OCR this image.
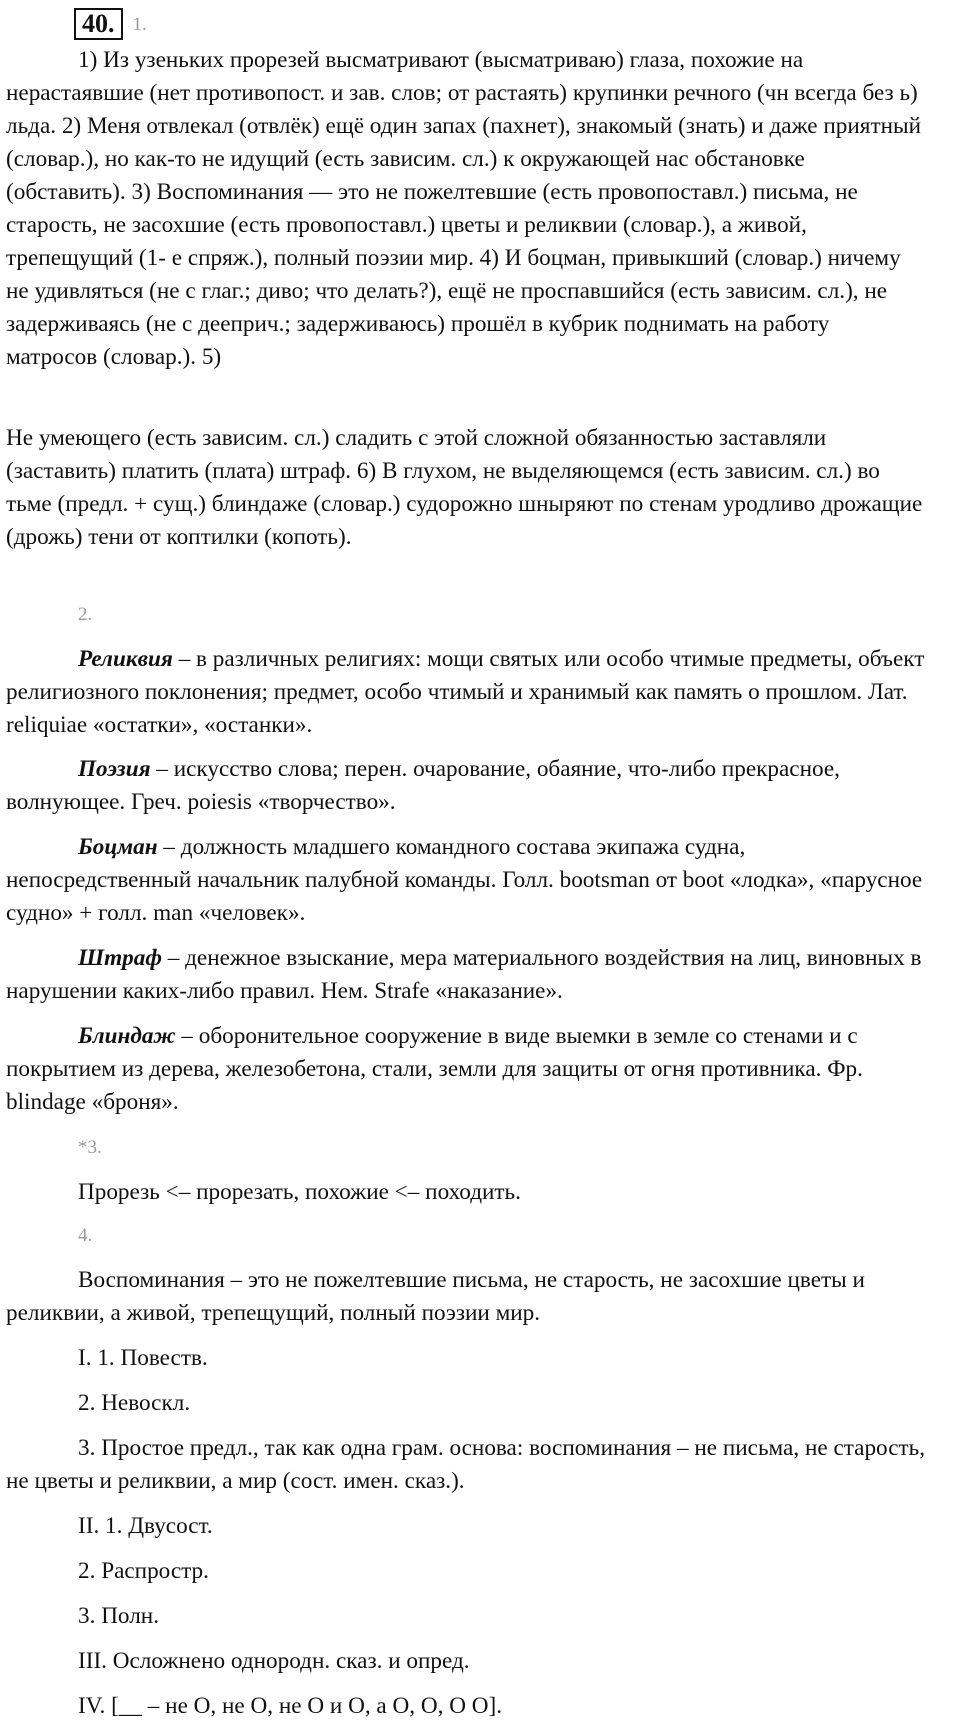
40. 1.

1) Из узеньких прорезей высматривают (высматриваю) глаза, похожие на нерастаявшие (нет противопост. и зав. слов; от растаять) крупинки речного (чн всегда без ь) льда. 2) Меня отвлекал (отвлёк) ещё один запах (пахнет), знакомый (знать) и даже приятный (словар.), но как-то не идущий (есть зависим. сл.) к окружающей нас обстановке (обставить). 3) Воспоминания — это не пожелтевшие (есть провопоставл.) письма, не старость, не засохшие (есть провопоставл.) цветы и реликвии (словар.), а живой, трепещущий (1- е спряж.), полный поэзии мир. 4) И боцман, привыкший (словар.) ничему не удивляться (не с глаг.; диво; что делать?), ещё не проспавшийся (есть зависим. сл.), не задерживаясь (не с дееприч.; задерживаюсь) прошёл в кубрик поднимать на работу матросов (словар.). 5)

Не умеющего (есть зависим. сл.) сладить с этой сложной обязанностью заставляли (заставить) платить (плата) штраф. 6) В глухом, не выделяющемся (есть зависим. сл.) во тьме (предл. + сущ.) блиндаже (словар.) судорожно шныряют по стенам уродливо дрожащие (дрожь) тени от коптилки (копоть).

2.

Реликвия – в различных религиях: мощи святых или особо чтимые предметы, объект религиозного поклонения; предмет, особо чтимый и хранимый как память о прошлом. Лат. reliquiae «остатки», «останки».

Поэзия – искусство слова; перен. очарование, обаяние, что-либо прекрасное, волнующее. Греч. poiesis «творчество».

Боцман – должность младшего командного состава экипажа судна, непосредственный начальник палубной команды. Голл. bootsman от boot «лодка», «парусное судно» + голл. man «человек».

Штраф – денежное взыскание, мера материального воздействия на лиц, виновных в нарушении каких-либо правил. Нем. Strafe «наказание».

Блиндаж – оборонительное сооружение в виде выемки в земле со стенами и с покрытием из дерева, железобетона, стали, земли для защиты от огня противника. Фр. blindage «броня».

*3.

Прорезь <– прорезать, похожие <– походить.

4.

Воспоминания – это не пожелтевшие письма, не старость, не засохшие цветы и реликвии, а живой, трепещущий, полный поэзии мир.

I. 1. Повеств.

2. Невоскл.

3. Простое предл., так как одна грам. основа: воспоминания – не письма, не старость, не цветы и реликвии, а мир (сост. имен. сказ.).

II. 1. Двусост.

2. Распростр.

3. Полн.

III. Осложнено однородн. сказ. и опред.

IV. [__ – не О, не О, не О и О, а О, О, О О].
